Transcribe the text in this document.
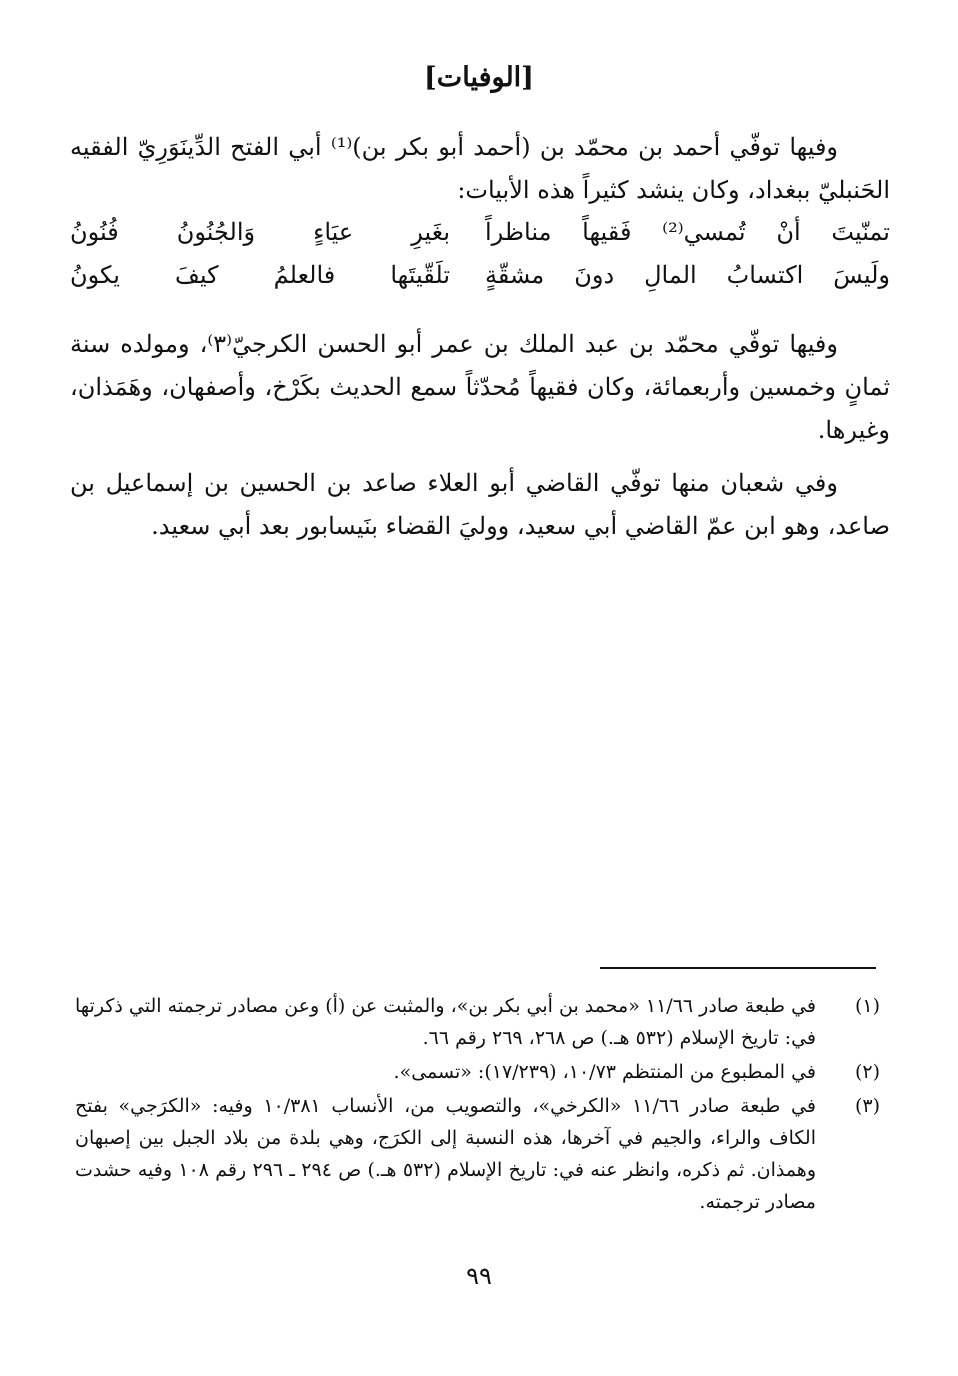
[الوفيات]
وفيها توفّي أحمد بن محمّد بن (أحمد أبو بكر بن)⁽¹⁾ أبي الفتح الدِّينَوَرِيّ الفقيه الحَنبليّ ببغداد، وكان ينشد كثيراً هذه الأبيات:
تمنّيتَ أنْ تُمسي⁽²⁾ فَقيهاً مناظراً
بغَيرِ عيَاءٍ وَالجُنُونُ فُنُونُ
ولَيسَ اكتسابُ المالِ دونَ مشقّةٍ
تلَقّيتَها فالعلمُ كيفَ يكونُ
وفيها توفّي محمّد بن عبد الملك بن عمر أبو الحسن الكرجيّ⁽٣⁾، ومولده سنة ثمانٍ وخمسين وأربعمائة، وكان فقيهاً مُحدّثاً سمع الحديث بكَرْخ، وأصفهان، وهَمَذان، وغيرها.
وفي شعبان منها توفّي القاضي أبو العلاء صاعد بن الحسين بن إسماعيل بن صاعد، وهو ابن عمّ القاضي أبي سعيد، ووليَ القضاء بنَيسابور بعد أبي سعيد.
(١)
في طبعة صادر ١١/٦٦ «محمد بن أبي بكر بن»، والمثبت عن (أ) وعن مصادر ترجمته التي ذكرتها في: تاريخ الإسلام (٥٣٢ هـ.) ص ٢٦٨، ٢٦٩ رقم ٦٦.
(٢)
في المطبوع من المنتظم ١٠/٧٣، (١٧/٢٣٩): «تسمى».
(٣)
في طبعة صادر ١١/٦٦ «الكرخي»، والتصويب من، الأنساب ١٠/٣٨١ وفيه: «الكرَجي» بفتح الكاف والراء، والجيم في آخرها، هذه النسبة إلى الكرَج، وهي بلدة من بلاد الجبل بين إصبهان وهمذان. ثم ذكره، وانظر عنه في: تاريخ الإسلام (٥٣٢ هـ.) ص ٢٩٤ ـ ٢٩٦ رقم ١٠٨ وفيه حشدت مصادر ترجمته.
٩٩
